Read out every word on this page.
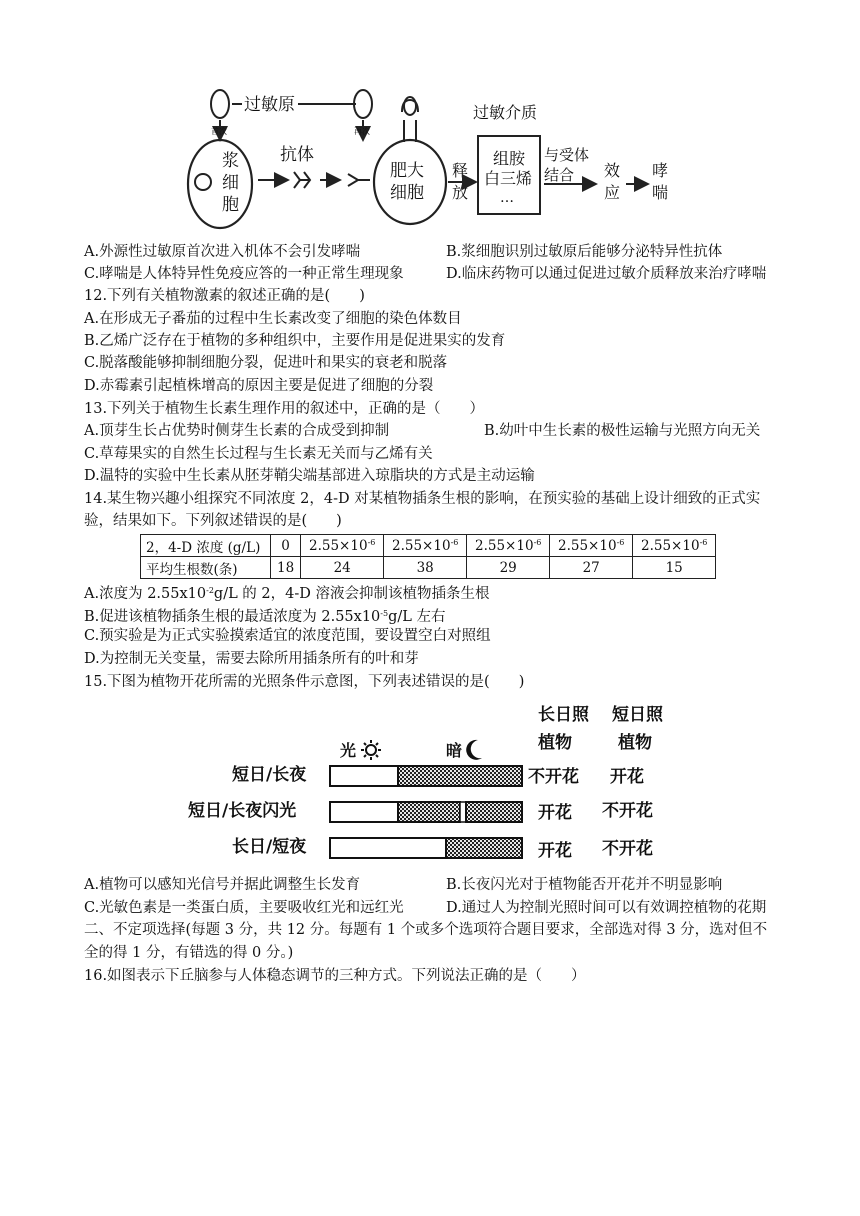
过敏原
首次	再次
浆
细
胞
抗体
肥大
细胞
释
放
过敏介质
组胺
白三烯
…
与受体
结合 效
应
哮
喘
A.外源性过敏原首次进入机体不会引发哮喘	B.浆细胞识别过敏原后能够分泌特异性抗体
C.哮喘是人体特异性免疫应答的一种正常生理现象	D.临床药物可以通过促进过敏介质释放来治疗哮喘
12.下列有关植物激素的叙述正确的是(　　)
A.在形成无子番茄的过程中生长素改变了细胞的染色体数目
B.乙烯广泛存在于植物的多种组织中，主要作用是促进果实的发育
C.脱落酸能够抑制细胞分裂，促进叶和果实的衰老和脱落
D.赤霉素引起植株增高的原因主要是促进了细胞的分裂
13.下列关于植物生长素生理作用的叙述中，正确的是（　　）
A.顶芽生长占优势时侧芽生长素的合成受到抑制	B.幼叶中生长素的极性运输与光照方向无关
C.草莓果实的自然生长过程与生长素无关而与乙烯有关
D.温特的实验中生长素从胚芽鞘尖端基部进入琼脂块的方式是主动运输
14.某生物兴趣小组探究不同浓度 2，4-D 对某植物插条生根的影响，在预实验的基础上设计细致的正式实
验，结果如下。下列叙述错误的是(　　)
2，4-D 浓度 (g/L)	0	$2.55\times 10^{-6}$	$2.55\times 10^{-6}$	$2.55\times 10^{-6}$	$2.55\times 10^{-6}$	$2.55\times 10^{-6}$
平均生根数(条)	18	24	38	29	27	15
A.浓度为 $2.55x10^{-2}g/L$ 的 2，4-D 溶液会抑制该植物插条生根
B.促进该植物插条生根的最适浓度为 $2.55x10^{-5}g/L$ 左右
C.预实验是为正式实验摸索适宜的浓度范围，要设置空白对照组
D.为控制无关变量，需要去除所用插条所有的叶和芽
15.下图为植物开花所需的光照条件示意图，下列表述错误的是(　　)
长日照
植物
短日照
植物
光	暗
短日/长夜	不开花 开花
短日/长夜闪光	开花 不开花
长日/短夜	开花 不开花
A.植物可以感知光信号并据此调整生长发育	B.长夜闪光对于植物能否开花并不明显影响
C.光敏色素是一类蛋白质，主要吸收红光和远红光	D.通过人为控制光照时间可以有效调控植物的花期
二、不定项选择(每题 3 分，共 12 分。每题有 1 个或多个选项符合题目要求，全部选对得 3 分，选对但不
全的得 1 分，有错选的得 0 分。)
16.如图表示下丘脑参与人体稳态调节的三种方式。下列说法正确的是（　　）
